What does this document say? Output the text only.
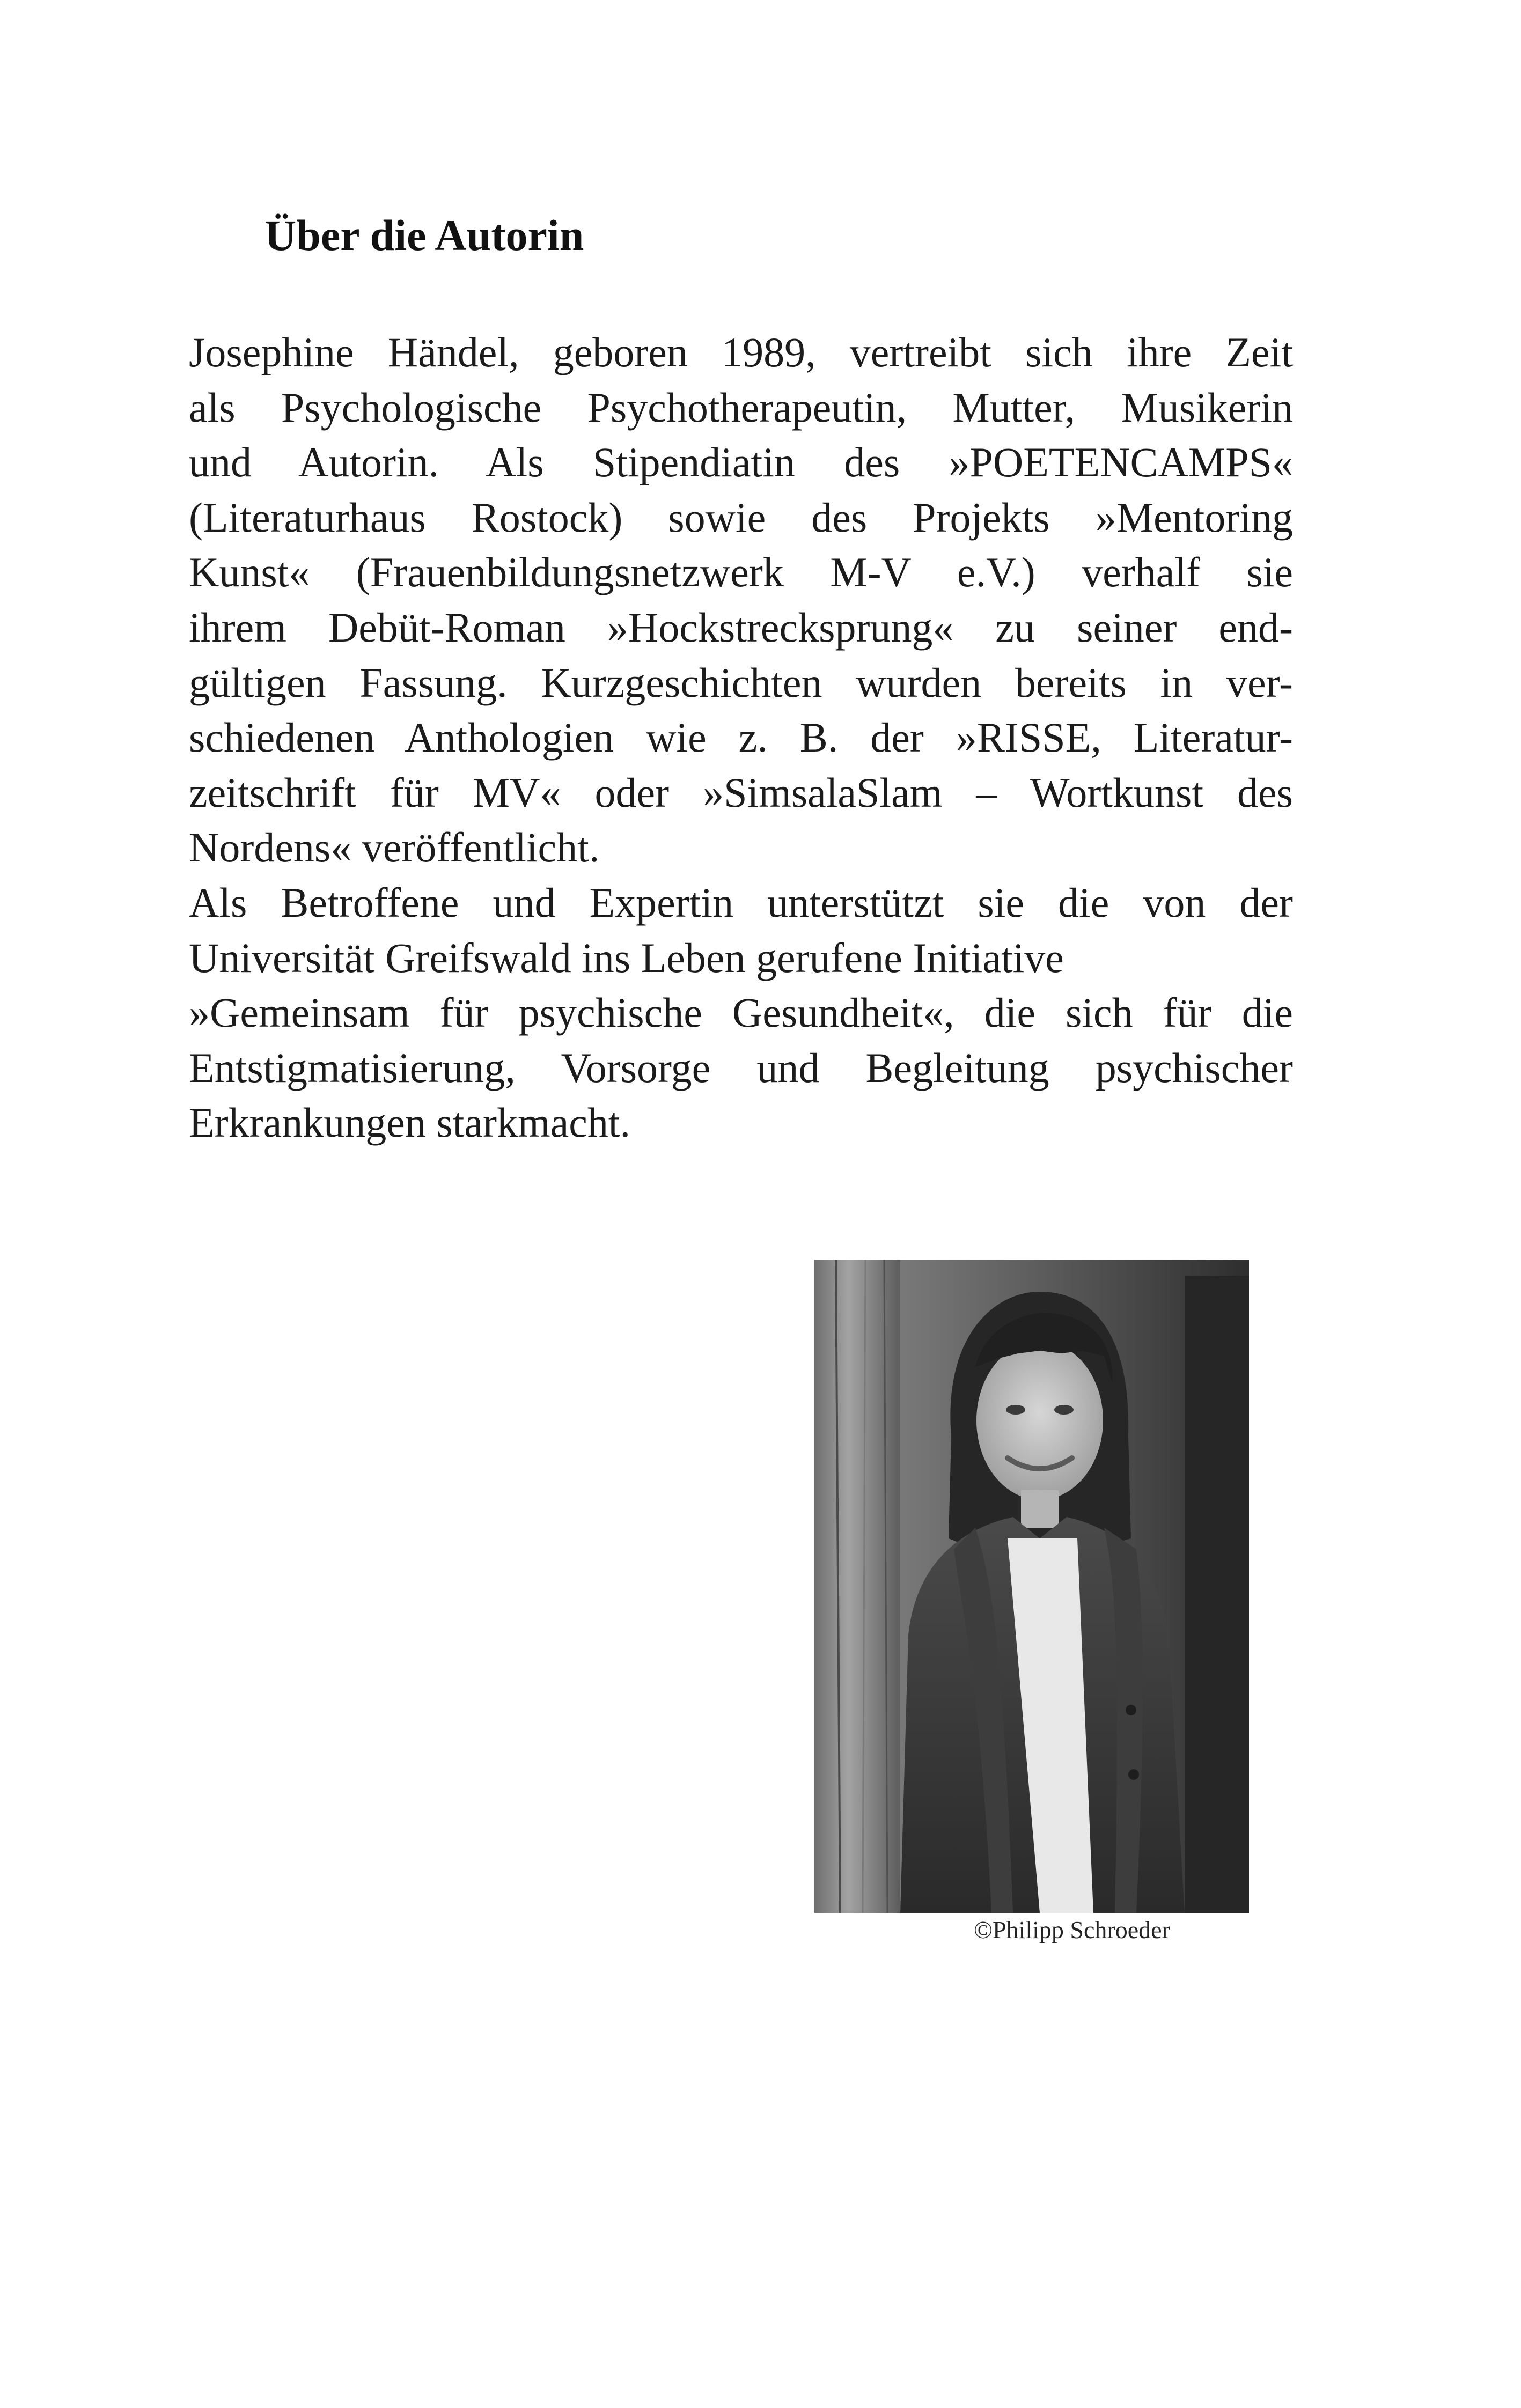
Über die Autorin
Josephine Händel, geboren 1989, vertreibt sich ihre Zeit
als Psychologische Psychotherapeutin, Mutter, Musikerin
und Autorin. Als Stipendiatin des »POETENCAMPS«
(Literaturhaus Rostock) sowie des Projekts »Mentoring
Kunst« (Frauenbildungsnetzwerk M-V e.V.) verhalf sie
ihrem Debüt-Roman »Hockstrecksprung« zu seiner end-
gültigen Fassung. Kurzgeschichten wurden bereits in ver-
schiedenen Anthologien wie z. B. der »RISSE, Literatur-
zeitschrift für MV« oder »SimsalaSlam – Wortkunst des
Nordens« veröffentlicht.
Als Betroffene und Expertin unterstützt sie die von der
Universität Greifswald ins Leben gerufene Initiative
»Gemeinsam für psychische Gesundheit«, die sich für die
Entstigmatisierung, Vorsorge und Begleitung psychischer
Erkrankungen starkmacht.
©Philipp Schroeder
